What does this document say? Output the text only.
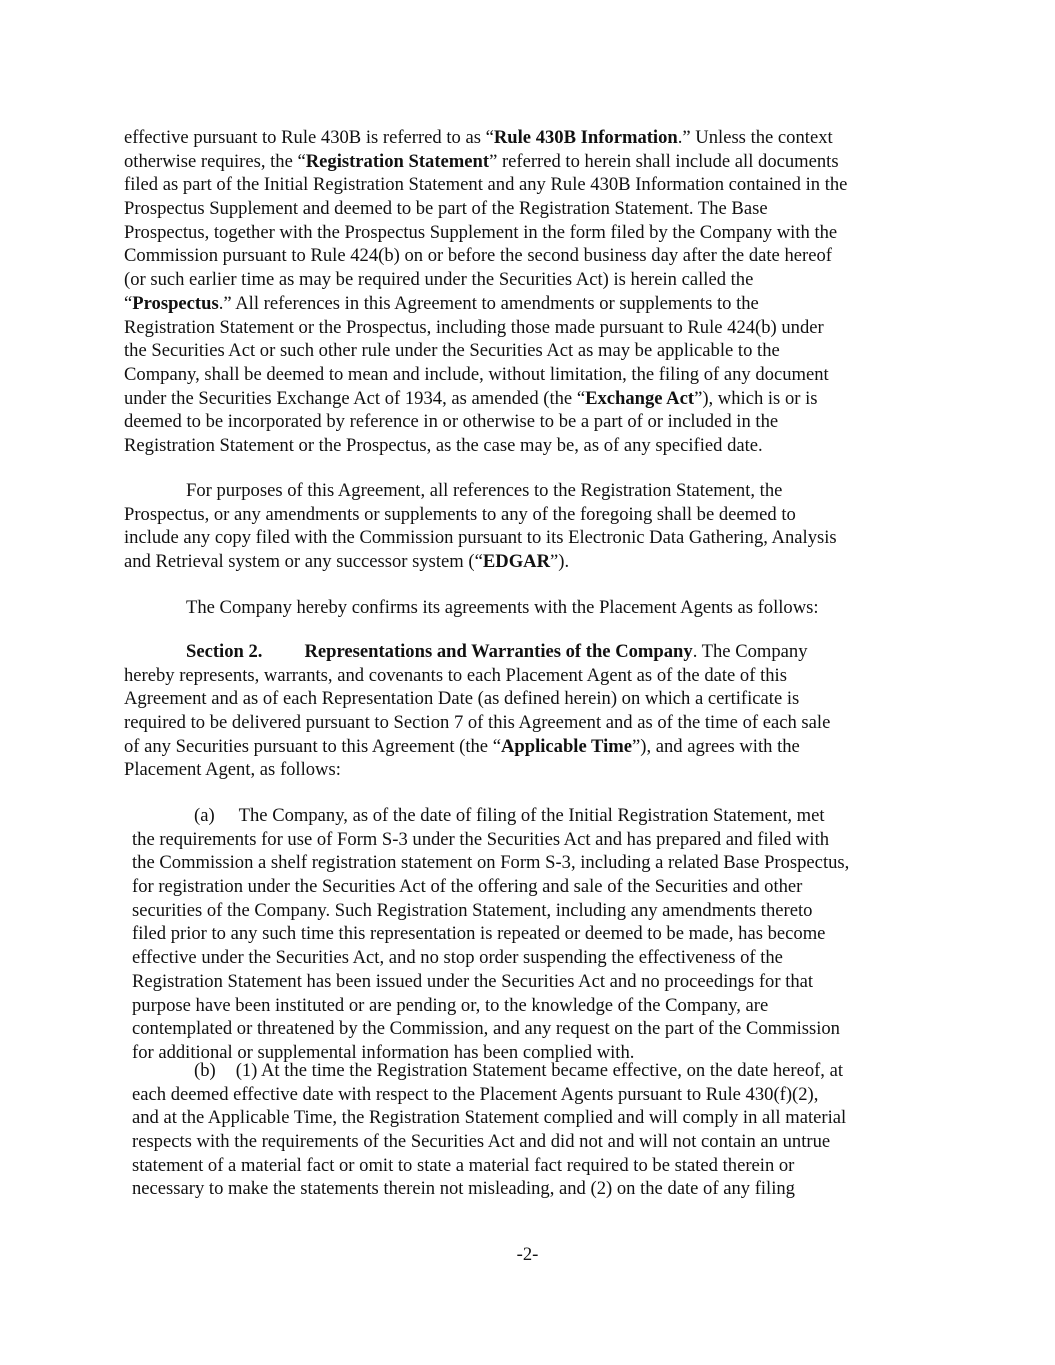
effective pursuant to Rule 430B is referred to as “Rule 430B Information.” Unless the context
otherwise requires, the “Registration Statement” referred to herein shall include all documents
filed as part of the Initial Registration Statement and any Rule 430B Information contained in the
Prospectus Supplement and deemed to be part of the Registration Statement. The Base
Prospectus, together with the Prospectus Supplement in the form filed by the Company with the
Commission pursuant to Rule 424(b) on or before the second business day after the date hereof
(or such earlier time as may be required under the Securities Act) is herein called the
“Prospectus.” All references in this Agreement to amendments or supplements to the
Registration Statement or the Prospectus, including those made pursuant to Rule 424(b) under
the Securities Act or such other rule under the Securities Act as may be applicable to the
Company, shall be deemed to mean and include, without limitation, the filing of any document
under the Securities Exchange Act of 1934, as amended (the “Exchange Act”), which is or is
deemed to be incorporated by reference in or otherwise to be a part of or included in the
Registration Statement or the Prospectus, as the case may be, as of any specified date.
For purposes of this Agreement, all references to the Registration Statement, the
Prospectus, or any amendments or supplements to any of the foregoing shall be deemed to
include any copy filed with the Commission pursuant to its Electronic Data Gathering, Analysis
and Retrieval system or any successor system (“EDGAR”).
The Company hereby confirms its agreements with the Placement Agents as follows:
Section 2. Representations and Warranties of the Company. The Company
hereby represents, warrants, and covenants to each Placement Agent as of the date of this
Agreement and as of each Representation Date (as defined herein) on which a certificate is
required to be delivered pursuant to Section 7 of this Agreement and as of the time of each sale
of any Securities pursuant to this Agreement (the “Applicable Time”), and agrees with the
Placement Agent, as follows:
(a) The Company, as of the date of filing of the Initial Registration Statement, met
the requirements for use of Form S-3 under the Securities Act and has prepared and filed with
the Commission a shelf registration statement on Form S-3, including a related Base Prospectus,
for registration under the Securities Act of the offering and sale of the Securities and other
securities of the Company. Such Registration Statement, including any amendments thereto
filed prior to any such time this representation is repeated or deemed to be made, has become
effective under the Securities Act, and no stop order suspending the effectiveness of the
Registration Statement has been issued under the Securities Act and no proceedings for that
purpose have been instituted or are pending or, to the knowledge of the Company, are
contemplated or threatened by the Commission, and any request on the part of the Commission
for additional or supplemental information has been complied with.
(b) (1) At the time the Registration Statement became effective, on the date hereof, at
each deemed effective date with respect to the Placement Agents pursuant to Rule 430(f)(2),
and at the Applicable Time, the Registration Statement complied and will comply in all material
respects with the requirements of the Securities Act and did not and will not contain an untrue
statement of a material fact or omit to state a material fact required to be stated therein or
necessary to make the statements therein not misleading, and (2) on the date of any filing
-2-
